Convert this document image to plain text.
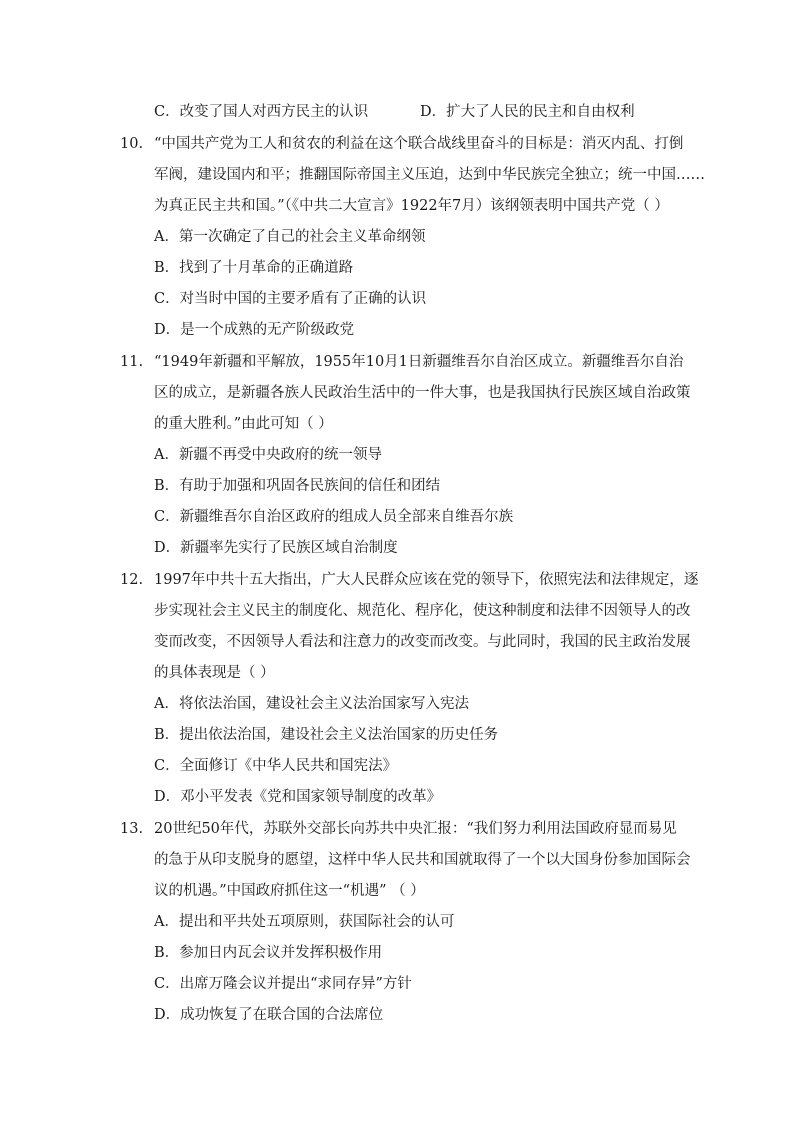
C．改变了国人对西方民主的认识	D．扩大了人民的民主和自由权利
10. “中国共产党为工人和贫农的利益在这个联合战线里奋斗的目标是：消灭内乱、打倒
军阀，建设国内和平；推翻国际帝国主义压迫，达到中华民族完全独立；统一中国……
为真正民主共和国。”（《中共二大宣言》1922年7月）该纲领表明中国共产党（ ）
A．第一次确定了自己的社会主义革命纲领
B．找到了十月革命的正确道路
C．对当时中国的主要矛盾有了正确的认识
D．是一个成熟的无产阶级政党
11. “1949年新疆和平解放，1955年10月1日新疆维吾尔自治区成立。新疆维吾尔自治
区的成立，是新疆各族人民政治生活中的一件大事，也是我国执行民族区域自治政策
的重大胜利。”由此可知（ ）
A．新疆不再受中央政府的统一领导
B．有助于加强和巩固各民族间的信任和团结
C．新疆维吾尔自治区政府的组成人员全部来自维吾尔族
D．新疆率先实行了民族区域自治制度
12. 1997年中共十五大指出，广大人民群众应该在党的领导下，依照宪法和法律规定，逐
步实现社会主义民主的制度化、规范化、程序化，使这种制度和法律不因领导人的改
变而改变，不因领导人看法和注意力的改变而改变。与此同时，我国的民主政治发展
的具体表现是（ ）
A．将依法治国，建设社会主义法治国家写入宪法
B．提出依法治国，建设社会主义法治国家的历史任务
C．全面修订《中华人民共和国宪法》
D．邓小平发表《党和国家领导制度的改革》
13. 20世纪50年代，苏联外交部长向苏共中央汇报：“我们努力利用法国政府显而易见
的急于从印支脱身的愿望，这样中华人民共和国就取得了一个以大国身份参加国际会
议的机遇。”中国政府抓住这一“机遇” （ ）
A．提出和平共处五项原则，获国际社会的认可
B．参加日内瓦会议并发挥积极作用
C．出席万隆会议并提出“求同存异”方针
D．成功恢复了在联合国的合法席位
